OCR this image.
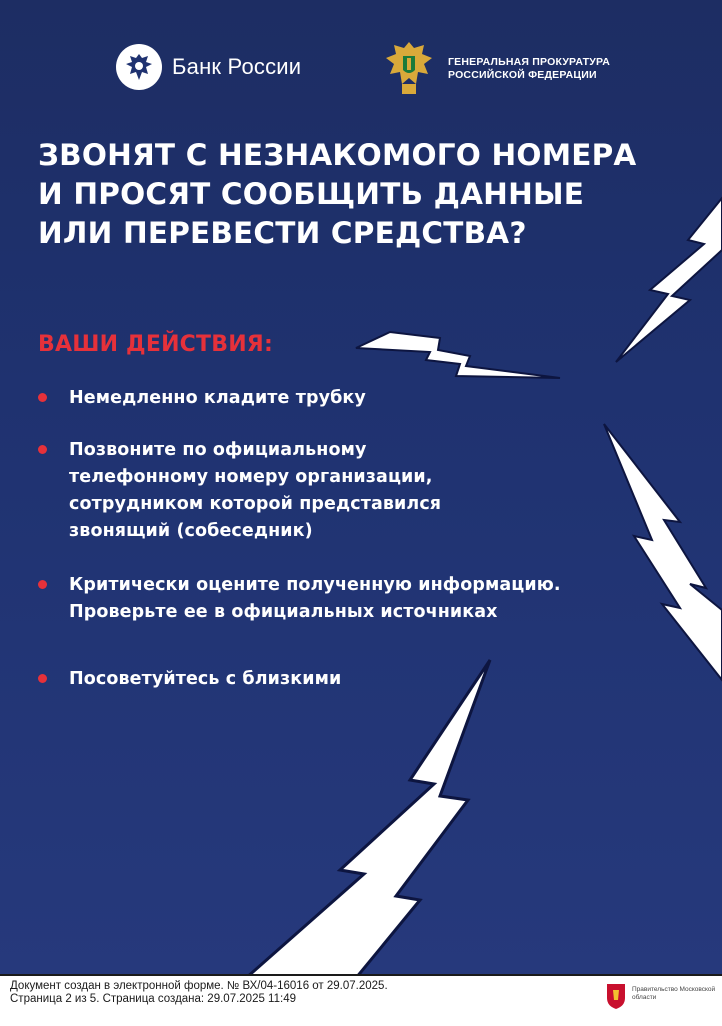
Банк России	ГЕНЕРАЛЬНАЯ ПРОКУРАТУРА
РОССИЙСКОЙ ФЕДЕРАЦИИ
ЗВОНЯТ С НЕЗНАКОМОГО НОМЕРА
И ПРОСЯТ СООБЩИТЬ ДАННЫЕ
ИЛИ ПЕРЕВЕСТИ СРЕДСТВА?
ВАШИ ДЕЙСТВИЯ:
Немедленно кладите трубку
Позвоните по официальному
телефонному номеру организации,
сотрудником которой представился
звонящий (собеседник)
Критически оцените полученную информацию.
Проверьте ее в официальных источниках
Посоветуйтесь с близкими
Документ создан в электронной форме. № ВХ/04-16016 от 29.07.2025.
Страница 2 из 5. Страница создана: 29.07.2025 11:49
Правительство Московской области
